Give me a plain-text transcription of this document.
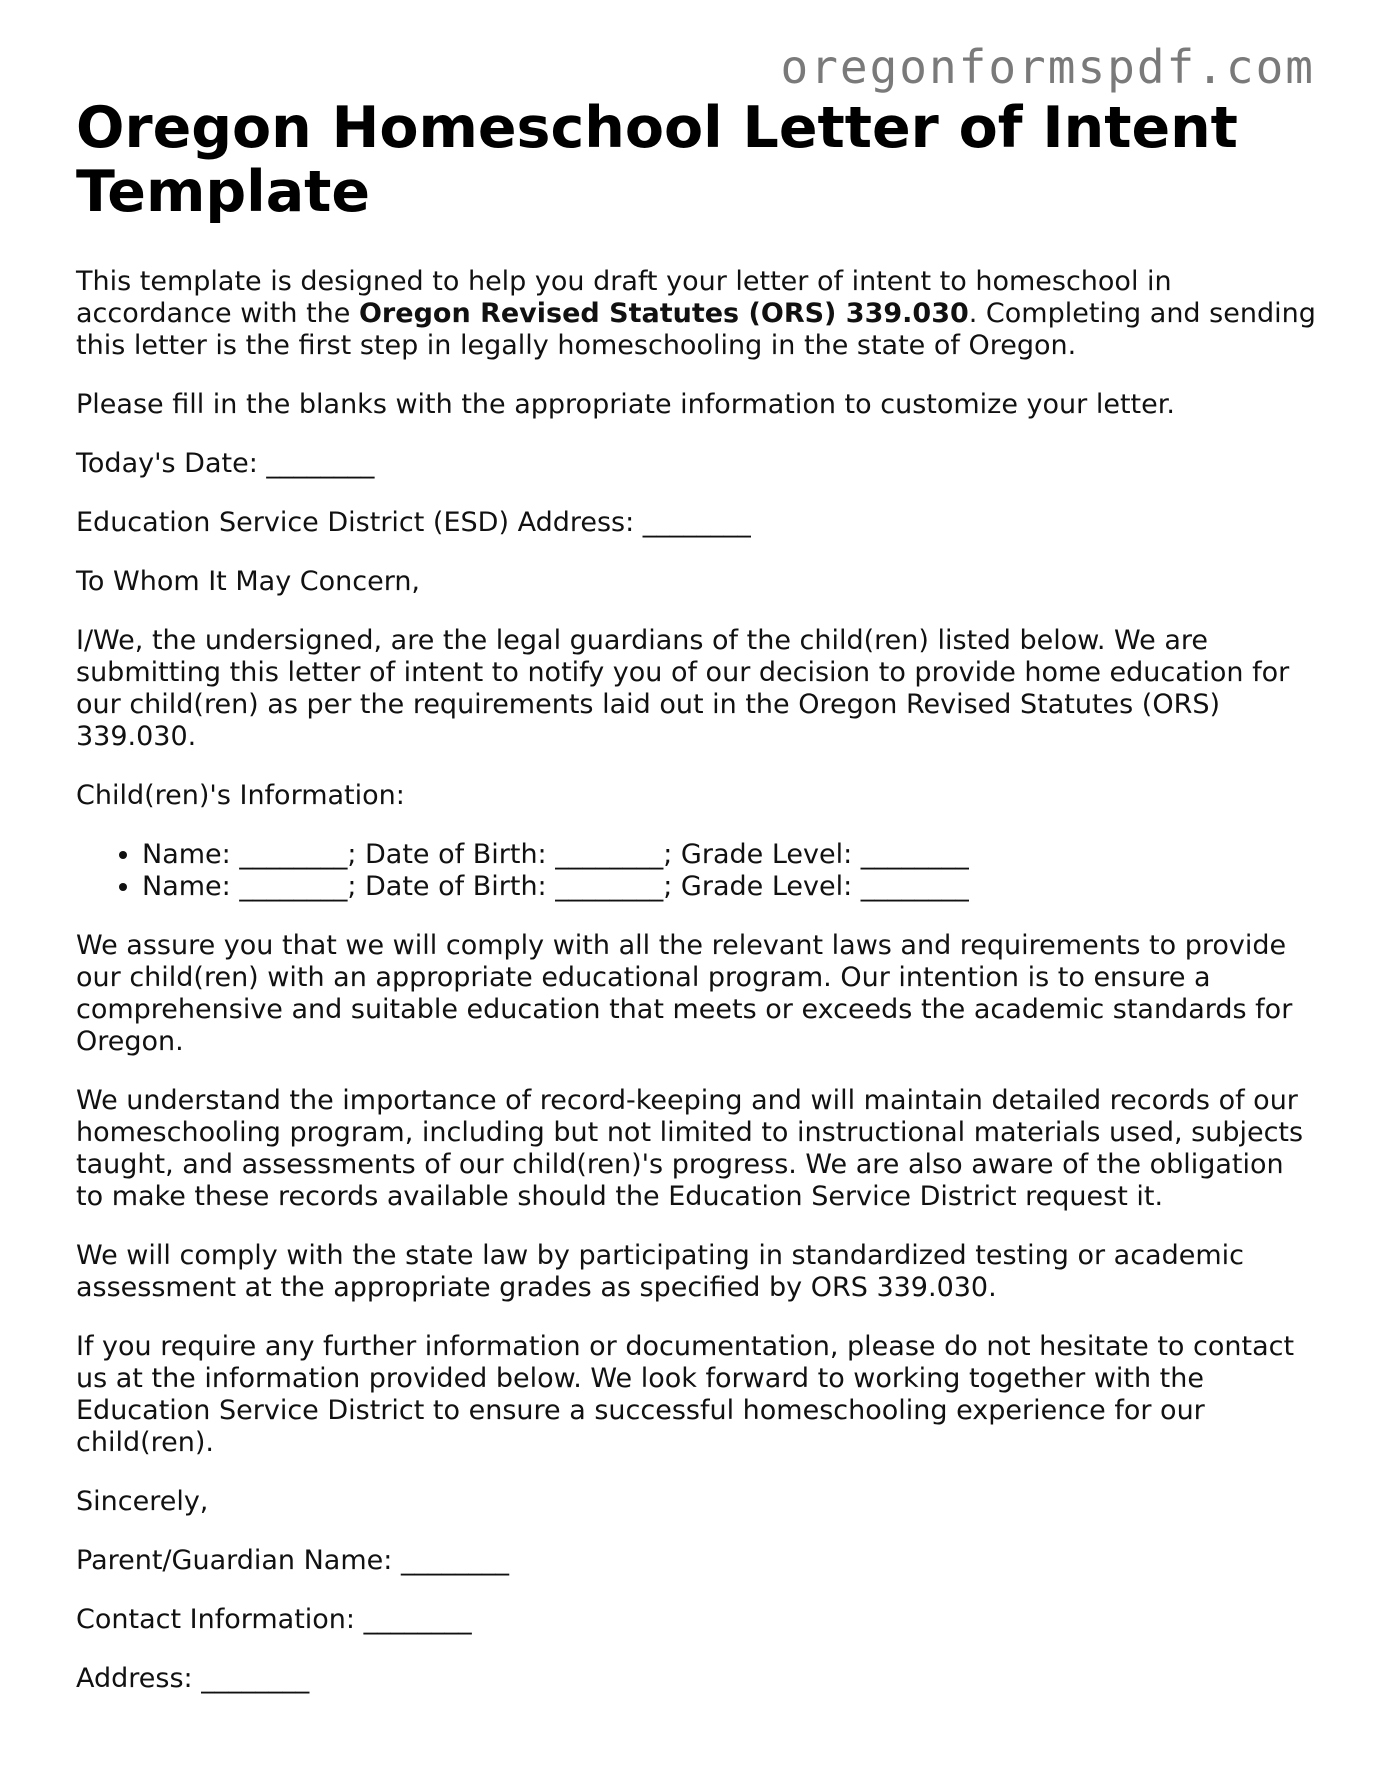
oregonformspdf.com
Oregon Homeschool Letter of Intent Template

This template is designed to help you draft your letter of intent to homeschool in accordance with the Oregon Revised Statutes (ORS) 339.030. Completing and sending this letter is the first step in legally homeschooling in the state of Oregon.

Please fill in the blanks with the appropriate information to customize your letter.

Today's Date: ________

Education Service District (ESD) Address: ________

To Whom It May Concern,

I/We, the undersigned, are the legal guardians of the child(ren) listed below. We are submitting this letter of intent to notify you of our decision to provide home education for our child(ren) as per the requirements laid out in the Oregon Revised Statutes (ORS) 339.030.

Child(ren)'s Information:

• Name: ________; Date of Birth: ________; Grade Level: ________
• Name: ________; Date of Birth: ________; Grade Level: ________

We assure you that we will comply with all the relevant laws and requirements to provide our child(ren) with an appropriate educational program. Our intention is to ensure a comprehensive and suitable education that meets or exceeds the academic standards for Oregon.

We understand the importance of record-keeping and will maintain detailed records of our homeschooling program, including but not limited to instructional materials used, subjects taught, and assessments of our child(ren)'s progress. We are also aware of the obligation to make these records available should the Education Service District request it.

We will comply with the state law by participating in standardized testing or academic assessment at the appropriate grades as specified by ORS 339.030.

If you require any further information or documentation, please do not hesitate to contact us at the information provided below. We look forward to working together with the Education Service District to ensure a successful homeschooling experience for our child(ren).

Sincerely,

Parent/Guardian Name: ________

Contact Information: ________

Address: ________
